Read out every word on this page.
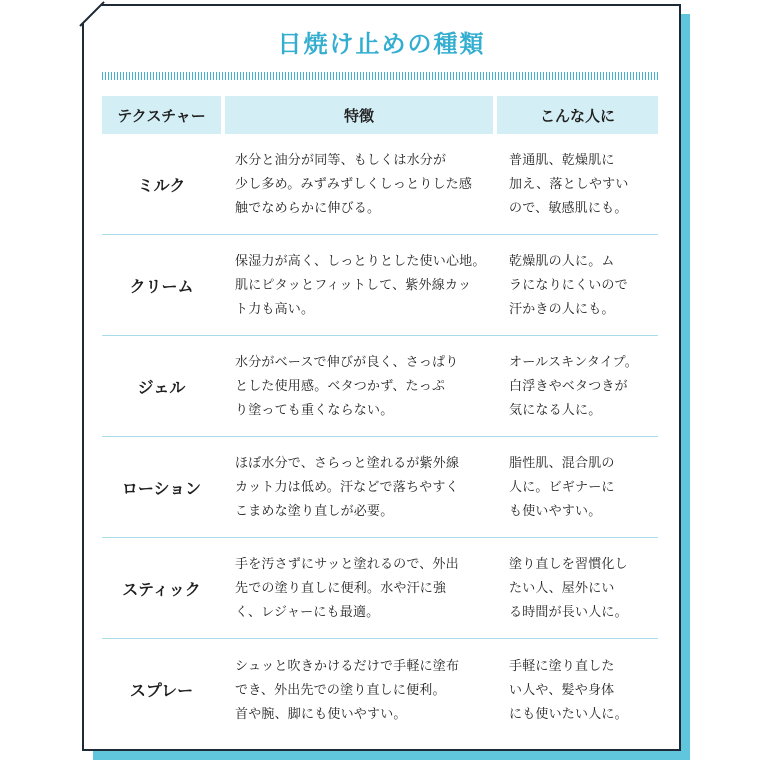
日焼け止めの種類
テクスチャー	特徴	こんな人に
ミルク
水分と油分が同等、もしくは水分が
少し多め。みずみずしくしっとりした感
触でなめらかに伸びる。
普通肌、乾燥肌に
加え、落としやすい
ので、敏感肌にも。
クリーム
保湿力が高く、しっとりとした使い心地。
肌にピタッとフィットして、紫外線カッ
ト力も高い。
乾燥肌の人に。ム
ラになりにくいので
汗かきの人にも。
ジェル
水分がベースで伸びが良く、さっぱり
とした使用感。ベタつかず、たっぷ
り塗っても重くならない。
オールスキンタイプ。
白浮きやベタつきが
気になる人に。
ローション
ほぼ水分で、さらっと塗れるが紫外線
カット力は低め。汗などで落ちやすく
こまめな塗り直しが必要。
脂性肌、混合肌の
人に。ビギナーに
も使いやすい。
スティック
手を汚さずにサッと塗れるので、外出
先での塗り直しに便利。水や汗に強
く、レジャーにも最適。
塗り直しを習慣化し
たい人、屋外にい
る時間が長い人に。
スプレー
シュッと吹きかけるだけで手軽に塗布
でき、外出先での塗り直しに便利。
首や腕、脚にも使いやすい。
手軽に塗り直した
い人や、髪や身体
にも使いたい人に。
